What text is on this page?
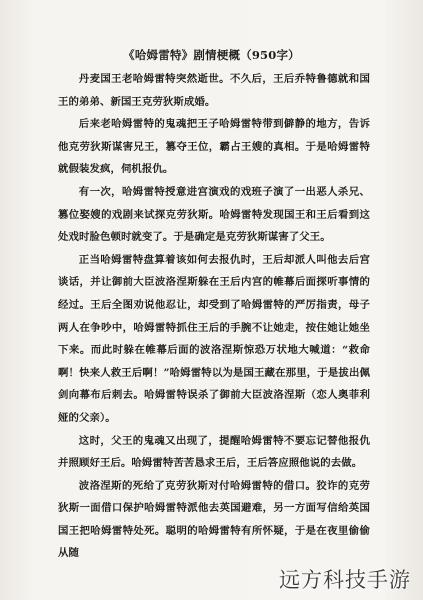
《哈姆雷特》剧情梗概（950字）

丹麦国王老哈姆雷特突然逝世。不久后，王后乔特鲁德就和国王的弟弟、新国王克劳狄斯成婚。

后来老哈姆雷特的鬼魂把王子哈姆雷特带到僻静的地方，告诉他克劳狄斯谋害兄王，篡夺王位，霸占王嫂的真相。于是哈姆雷特就假装发疯，伺机报仇。

有一次，哈姆雷特授意进宫演戏的戏班子演了一出恶人杀兄、篡位娶嫂的戏剧来试探克劳狄斯。哈姆雷特发现国王和王后看到这处戏时脸色顿时就变了。于是确定是克劳狄斯谋害了父王。

正当哈姆雷特盘算着该如何去报仇时，王后却派人叫他去后宫谈话，并让御前大臣波洛涅斯躲在王后内宫的帷幕后面探听事情的经过。王后全图劝说他忍让，却受到了哈姆雷特的严厉指责，母子两人在争吵中，哈姆雷特抓住王后的手腕不让她走，按住她让她坐下来。而此时躲在帷幕后面的波洛涅斯惊恐万状地大喊道：“救命啊！快来人救王后啊！”哈姆雷特以为是国王藏在那里，于是拔出佩剑向幕布后刺去。哈姆雷特误杀了御前大臣波洛涅斯（恋人奥菲利娅的父亲）。

这时，父王的鬼魂又出现了，提醒哈姆雷特不要忘记替他报仇并照顾好王后。哈姆雷特苦苦恳求王后，王后答应照他说的去做。

波洛涅斯的死给了克劳狄斯对付哈姆雷特的借口。狡诈的克劳狄斯一面借口保护哈姆雷特派他去英国避难，另一方面写信给英国国王把哈姆雷特处死。聪明的哈姆雷特有所怀疑，于是在夜里偷偷从随

远方科技手游
